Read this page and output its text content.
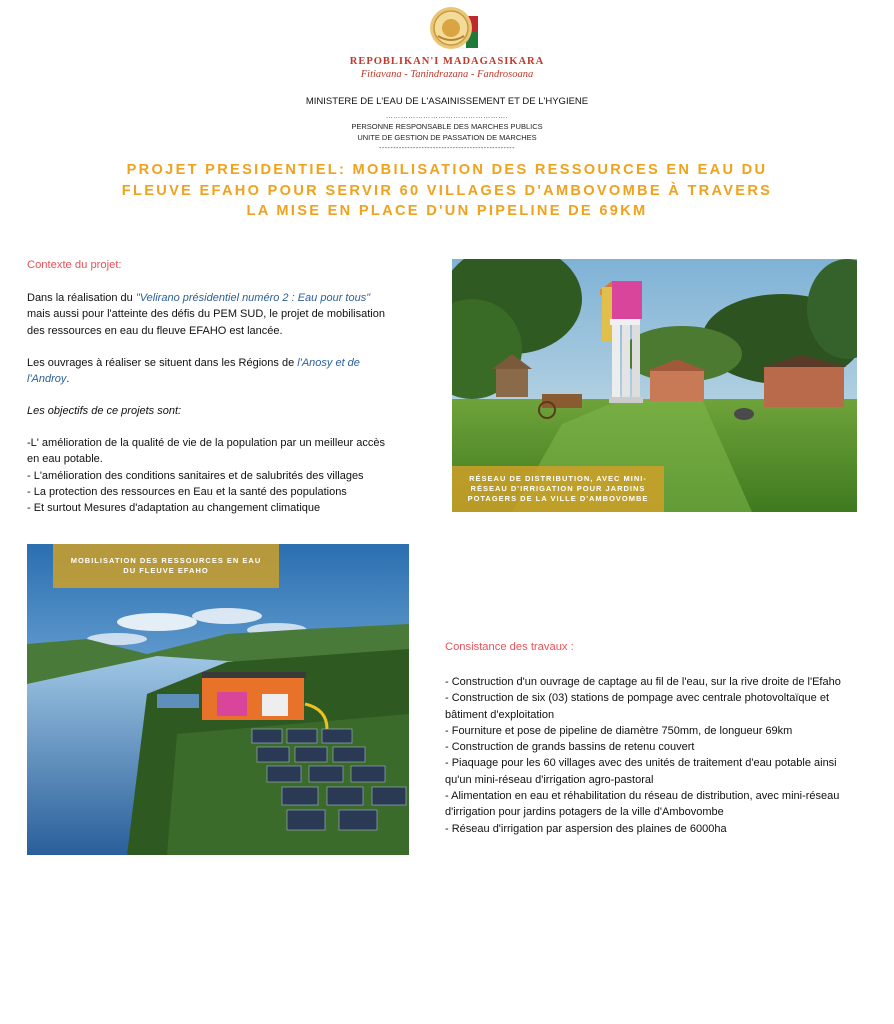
REPOBLIKAN'I MADAGASIKARA
Fitiavana - Tanindrazana - Fandrosoana
MINISTERE DE L'EAU DE L'ASAINISSEMENT ET DE L'HYGIENE
………………………………………….
PERSONNE RESPONSABLE DES MARCHES PUBLICS
UNITE DE GESTION DE PASSATION DE MARCHES
------------------------------------------------
PROJET PRESIDENTIEL: MOBILISATION DES RESSOURCES EN EAU DU
FLEUVE EFAHO POUR SERVIR 60 VILLAGES D'AMBOVOMBE À TRAVERS
LA MISE EN PLACE D'UN PIPELINE DE 69KM
Contexte du projet:
Dans la réalisation du "Velirano présidentiel numéro 2 : Eau pour tous" mais aussi pour l'atteinte des défis du PEM SUD, le projet de mobilisation des ressources en eau du fleuve EFAHO est lancée.
Les ouvrages à réaliser se situent dans les Régions de l'Anosy et de l'Androy.
Les objectifs de ce projets sont:

-L' amélioration de la qualité de vie de la population par un meilleur accès en eau potable.

- L'amélioration des conditions sanitaires et de salubrités des villages

- La protection des ressources en Eau et la santé des populations

- Et surtout Mesures d'adaptation au changement climatique

RÉSEAU DE DISTRIBUTION, AVEC MINI-RÉSEAU D'IRRIGATION POUR JARDINS POTAGERS DE LA VILLE D'AMBOVOMBE
MOBILISATION DES RESSOURCES EN EAU DU FLEUVE EFAHO
Consistance des travaux :

- Construction d'un ouvrage de captage au fil de l'eau, sur la rive droite de l'Efaho

- Construction de six (03) stations de pompage avec centrale photovoltaïque et bâtiment d'exploitation

- Fourniture et pose de pipeline de diamètre 750mm, de longueur 69km

- Construction de grands bassins de retenu couvert

- Piaquage pour les 60 villages avec des unités de traitement d'eau potable ainsi qu'un mini-réseau d'irrigation agro-pastoral

- Alimentation en eau et réhabilitation du réseau de distribution, avec mini-réseau d'irrigation pour jardins potagers de la ville d'Ambovombe

- Réseau d'irrigation par aspersion des plaines de 6000ha
